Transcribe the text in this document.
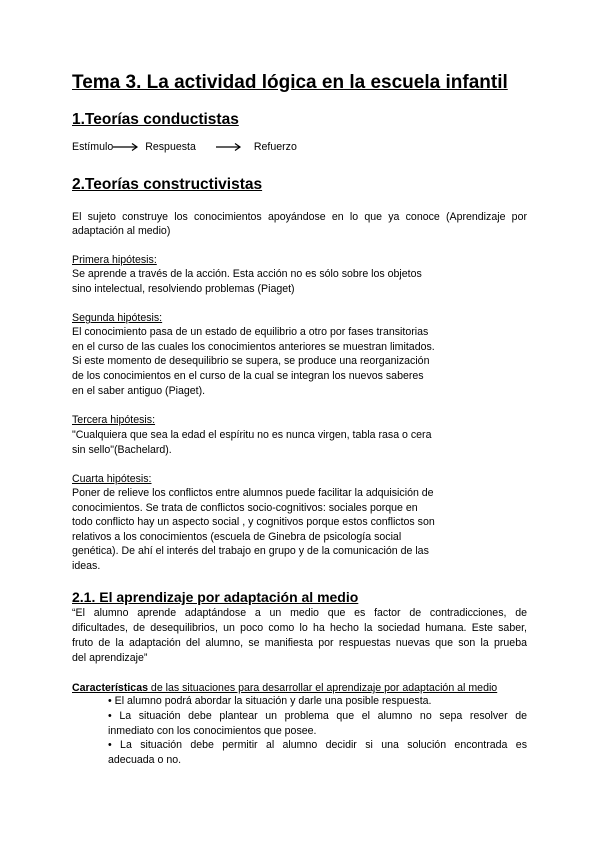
Tema 3. La actividad lógica en la escuela infantil
1.Teorías conductistas
Estímulo	Respuesta	Refuerzo
2.Teorías constructivistas
El sujeto construye los conocimientos apoyándose en lo que ya conoce (Aprendizaje por
adaptación al medio)
Primera hipótesis:
Se aprende a través de la acción. Esta acción no es sólo sobre los objetos
sino intelectual, resolviendo problemas (Piaget)
Segunda hipótesis:
El conocimiento pasa de un estado de equilibrio a otro por fases transitorias
en el curso de las cuales los conocimientos anteriores se muestran limitados.
Si este momento de desequilibrio se supera, se produce una reorganización
de los conocimientos en el curso de la cual se integran los nuevos saberes
en el saber antiguo (Piaget).
Tercera hipótesis:
"Cualquiera que sea la edad el espíritu no es nunca virgen, tabla rasa o cera
sin sello"(Bachelard).
Cuarta hipótesis:
Poner de relieve los conflictos entre alumnos puede facilitar la adquisición de
conocimientos. Se trata de conflictos socio-cognitivos: sociales porque en
todo conflicto hay un aspecto social , y cognitivos porque estos conflictos son
relativos a los conocimientos (escuela de Ginebra de psicología social
genética). De ahí el interés del trabajo en grupo y de la comunicación de las
ideas.
2.1. El aprendizaje por adaptación al medio
“El alumno aprende adaptándose a un medio que es factor de contradicciones, de
dificultades, de desequilibrios, un poco como lo ha hecho la sociedad humana. Este saber,
fruto de la adaptación del alumno, se manifiesta por respuestas nuevas que son la prueba
del aprendizaje”
Características de las situaciones para desarrollar el aprendizaje por adaptación al medio
• El alumno podrá abordar la situación y darle una posible respuesta.
• La situación debe plantear un problema que el alumno no sepa resolver de
inmediato con los conocimientos que posee.
• La situación debe permitir al alumno decidir si una solución encontrada es
adecuada o no.
